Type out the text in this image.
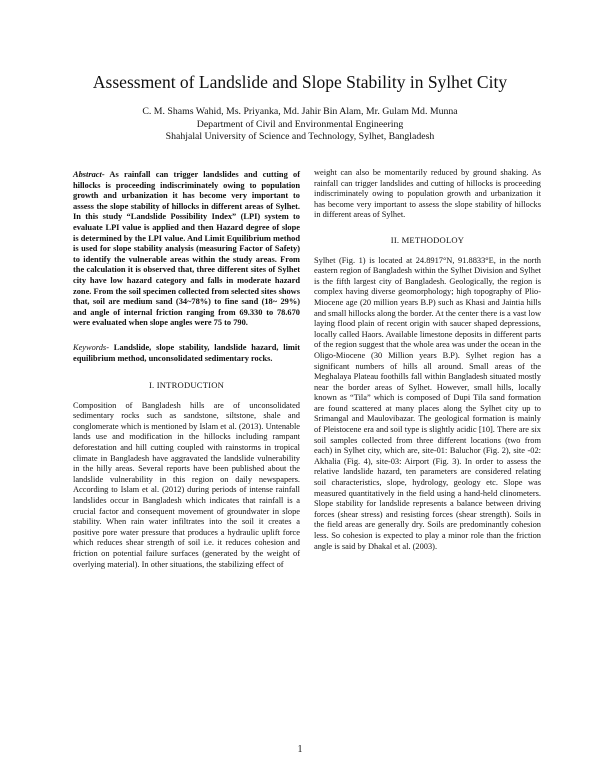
Assessment of Landslide and Slope Stability in Sylhet City
C. M. Shams Wahid, Ms. Priyanka, Md. Jahir Bin Alam, Mr. Gulam Md. Munna
Department of Civil and Environmental Engineering
Shahjalal University of Science and Technology, Sylhet, Bangladesh

Abstract- As rainfall can trigger landslides and cutting of hillocks is proceeding indiscriminately owing to population growth and urbanization it has become very important to assess the slope stability of hillocks in different areas of Sylhet. In this study “Landslide Possibility Index” (LPI) system to evaluate LPI value is applied and then Hazard degree of slope is determined by the LPI value. And Limit Equilibrium method is used for slope stability analysis (measuring Factor of Safety) to identify the vulnerable areas within the study areas. From the calculation it is observed that, three different sites of Sylhet city have low hazard category and falls in moderate hazard zone. From the soil specimen collected from selected sites shows that, soil are medium sand (34~78%) to fine sand (18~ 29%) and angle of internal friction ranging from 69.330 to 78.670 were evaluated when slope angles were 75 to 790.

Keywords- Landslide, slope stability, landslide hazard, limit equilibrium method, unconsolidated sedimentary rocks.

I. INTRODUCTION

Composition of Bangladesh hills are of unconsolidated sedimentary rocks such as sandstone, siltstone, shale and conglomerate which is mentioned by Islam et al. (2013). Untenable lands use and modification in the hillocks including rampant deforestation and hill cutting coupled with rainstorms in tropical climate in Bangladesh have aggravated the landslide vulnerability in the hilly areas. Several reports have been published about the landslide vulnerability in this region on daily newspapers. According to Islam et al. (2012) during periods of intense rainfall landslides occur in Bangladesh which indicates that rainfall is a crucial factor and consequent movement of groundwater in slope stability. When rain water infiltrates into the soil it creates a positive pore water pressure that produces a hydraulic uplift force which reduces shear strength of soil i.e. it reduces cohesion and friction on potential failure surfaces (generated by the weight of overlying material). In other situations, the stabilizing effect of

weight can also be momentarily reduced by ground shaking. As rainfall can trigger landslides and cutting of hillocks is proceeding indiscriminately owing to population growth and urbanization it has become very important to assess the slope stability of hillocks in different areas of Sylhet.

II. METHODOLOY

Sylhet (Fig. 1) is located at 24.8917°N, 91.8833°E, in the north eastern region of Bangladesh within the Sylhet Division and Sylhet is the fifth largest city of Bangladesh. Geologically, the region is complex having diverse geomorphology; high topography of Plio-Miocene age (20 million years B.P) such as Khasi and Jaintia hills and small hillocks along the border. At the center there is a vast low laying flood plain of recent origin with saucer shaped depressions, locally called Haors. Available limestone deposits in different parts of the region suggest that the whole area was under the ocean in the Oligo-Miocene (30 Million years B.P). Sylhet region has a significant numbers of hills all around. Small areas of the Meghalaya Plateau foothills fall within Bangladesh situated mostly near the border areas of Sylhet. However, small hills, locally known as “Tila” which is composed of Dupi Tila sand formation are found scattered at many places along the Sylhet city up to Srimangal and Maulovibazar. The geological formation is mainly of Pleistocene era and soil type is slightly acidic [10]. There are six soil samples collected from three different locations (two from each) in Sylhet city, which are, site-01: Baluchor (Fig. 2), site -02: Akhalia (Fig. 4), site-03: Airport (Fig. 3). In order to assess the relative landslide hazard, ten parameters are considered relating soil characteristics, slope, hydrology, geology etc. Slope was measured quantitatively in the field using a hand-held clinometers. Slope stability for landslide represents a balance between driving forces (shear stress) and resisting forces (shear strength). Soils in the field areas are generally dry. Soils are predominantly cohesion less. So cohesion is expected to play a minor role than the friction angle is said by Dhakal et al. (2003).

1
